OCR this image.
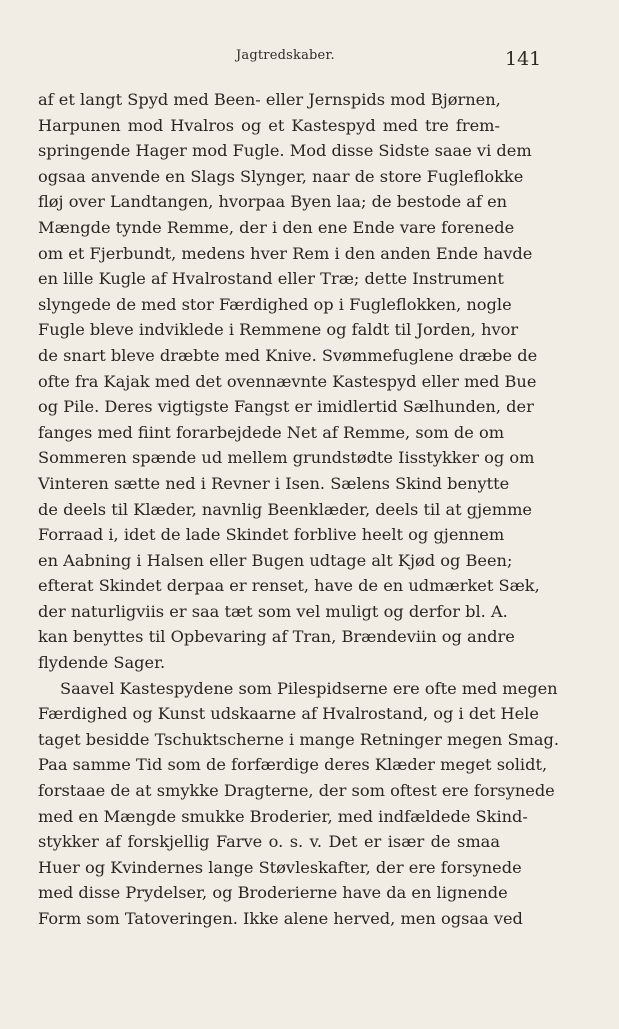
Jagtredskaber.	141
af et langt Spyd med Been- eller Jernspids mod Bjørnen,
Harpunen mod Hvalros og et Kastespyd med tre frem-
springende Hager mod Fugle. Mod disse Sidste saae vi dem
ogsaa anvende en Slags Slynger, naar de store Fugleflokke
fløj over Landtangen, hvorpaa Byen laa; de bestode af en
Mængde tynde Remme, der i den ene Ende vare forenede
om et Fjerbundt, medens hver Rem i den anden Ende havde
en lille Kugle af Hvalrostand eller Træ; dette Instrument
slyngede de med stor Færdighed op i Fugleflokken, nogle
Fugle bleve indviklede i Remmene og faldt til Jorden, hvor
de snart bleve dræbte med Knive. Svømmefuglene dræbe de
ofte fra Kajak med det ovennævnte Kastespyd eller med Bue
og Pile. Deres vigtigste Fangst er imidlertid Sælhunden, der
fanges med fiint forarbejdede Net af Remme, som de om
Sommeren spænde ud mellem grundstødte Iisstykker og om
Vinteren sætte ned i Revner i Isen. Sælens Skind benytte
de deels til Klæder, navnlig Beenklæder, deels til at gjemme
Forraad i, idet de lade Skindet forblive heelt og gjennem
en Aabning i Halsen eller Bugen udtage alt Kjød og Been;
efterat Skindet derpaa er renset, have de en udmærket Sæk,
der naturligviis er saa tæt som vel muligt og derfor bl. A.
kan benyttes til Opbevaring af Tran, Brændeviin og andre
flydende Sager.
Saavel Kastespydene som Pilespidserne ere ofte med megen
Færdighed og Kunst udskaarne af Hvalrostand, og i det Hele
taget besidde Tschuktscherne i mange Retninger megen Smag.
Paa samme Tid som de forfærdige deres Klæder meget solidt,
forstaae de at smykke Dragterne, der som oftest ere forsynede
med en Mængde smukke Broderier, med indfældede Skind-
stykker af forskjellig Farve o. s. v. Det er især de smaa
Huer og Kvindernes lange Støvleskafter, der ere forsynede
med disse Prydelser, og Broderierne have da en lignende
Form som Tatoveringen. Ikke alene herved, men ogsaa ved
